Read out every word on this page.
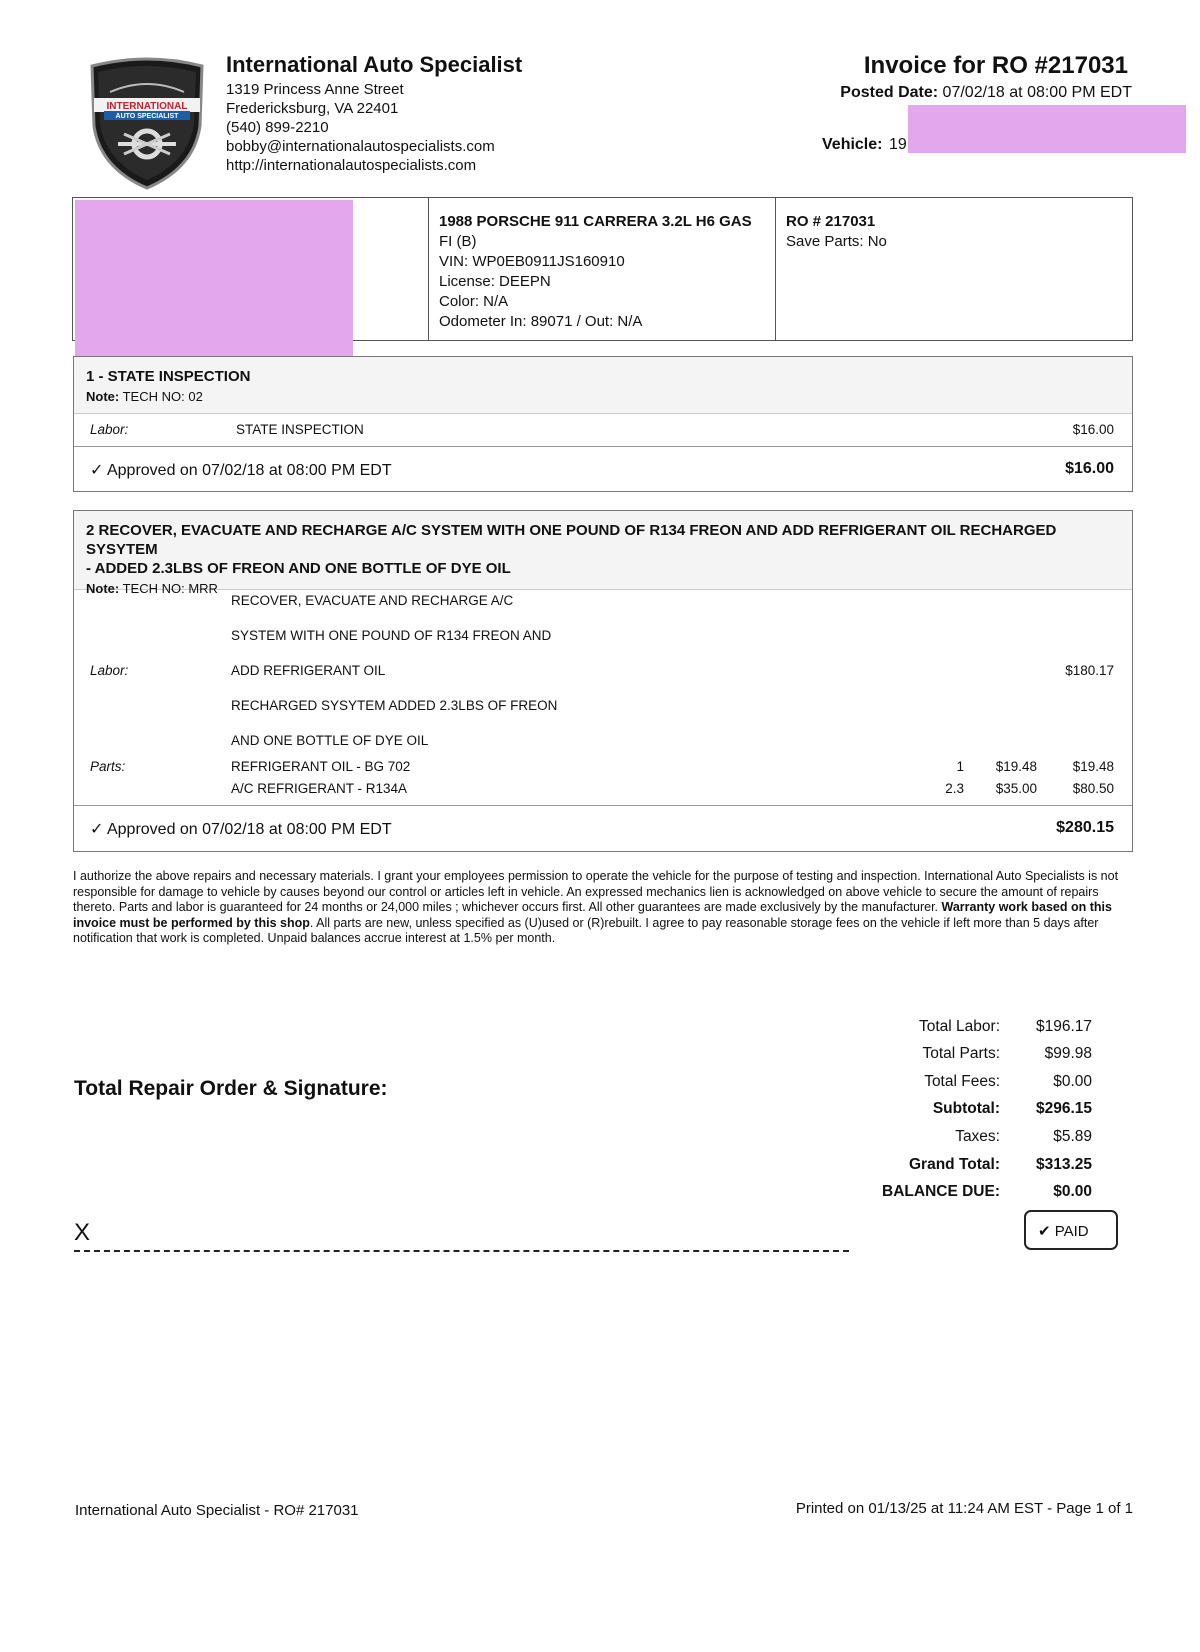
INTERNATIONAL
AUTO SPECIALIST
International Auto Specialist
1319 Princess Anne Street
Fredericksburg, VA 22401
(540) 899-2210
bobby@internationalautospecialists.com
http://internationalautospecialists.com
Invoice for RO #217031
Posted Date: 07/02/18 at 08:00 PM EDT
Vehicle: 19
1988 PORSCHE 911 CARRERA 3.2L H6 GAS
FI (B)
VIN: WP0EB0911JS160910
License: DEEPN
Color: N/A
Odometer In: 89071 / Out: N/A
RO # 217031
Save Parts: No
1 - STATE INSPECTION
Note: TECH NO: 02
Labor:	STATE INSPECTION	$16.00
✓ Approved on 07/02/18 at 08:00 PM EDT	$16.00
2 RECOVER, EVACUATE AND RECHARGE A/C SYSTEM WITH ONE POUND OF R134 FREON AND ADD REFRIGERANT OIL RECHARGED SYSYTEM
- ADDED 2.3LBS OF FREON AND ONE BOTTLE OF DYE OIL
Note: TECH NO: MRR
RECOVER, EVACUATE AND RECHARGE A/C
SYSTEM WITH ONE POUND OF R134 FREON AND
Labor:	ADD REFRIGERANT OIL	$180.17
RECHARGED SYSYTEM ADDED 2.3LBS OF FREON
AND ONE BOTTLE OF DYE OIL
Parts:	REFRIGERANT OIL - BG 702	1 $19.48	$19.48
A/C REFRIGERANT - R134A	2.3 $35.00	$80.50
✓ Approved on 07/02/18 at 08:00 PM EDT	$280.15
I authorize the above repairs and necessary materials. I grant your employees permission to operate the vehicle for the purpose of testing and inspection. International Auto Specialists is not responsible for damage to vehicle by causes beyond our control or articles left in vehicle. An expressed mechanics lien is acknowledged on above vehicle to secure the amount of repairs thereto. Parts and labor is guaranteed for 24 months or 24,000 miles ; whichever occurs first. All other guarantees are made exclusively by the manufacturer. Warranty work based on this invoice must be performed by this shop. All parts are new, unless specified as (U)used or (R)rebuilt. I agree to pay reasonable storage fees on the vehicle if left more than 5 days after notification that work is completed. Unpaid balances accrue interest at 1.5% per month.
Total Repair Order & Signature:
X
Total Labor:	$196.17
Total Parts:	$99.98
Total Fees:	$0.00
Subtotal:	$296.15
Taxes:	$5.89
Grand Total:	$313.25
BALANCE DUE:	$0.00
✔ PAID
International Auto Specialist - RO# 217031	Printed on 01/13/25 at 11:24 AM EST - Page 1 of 1
